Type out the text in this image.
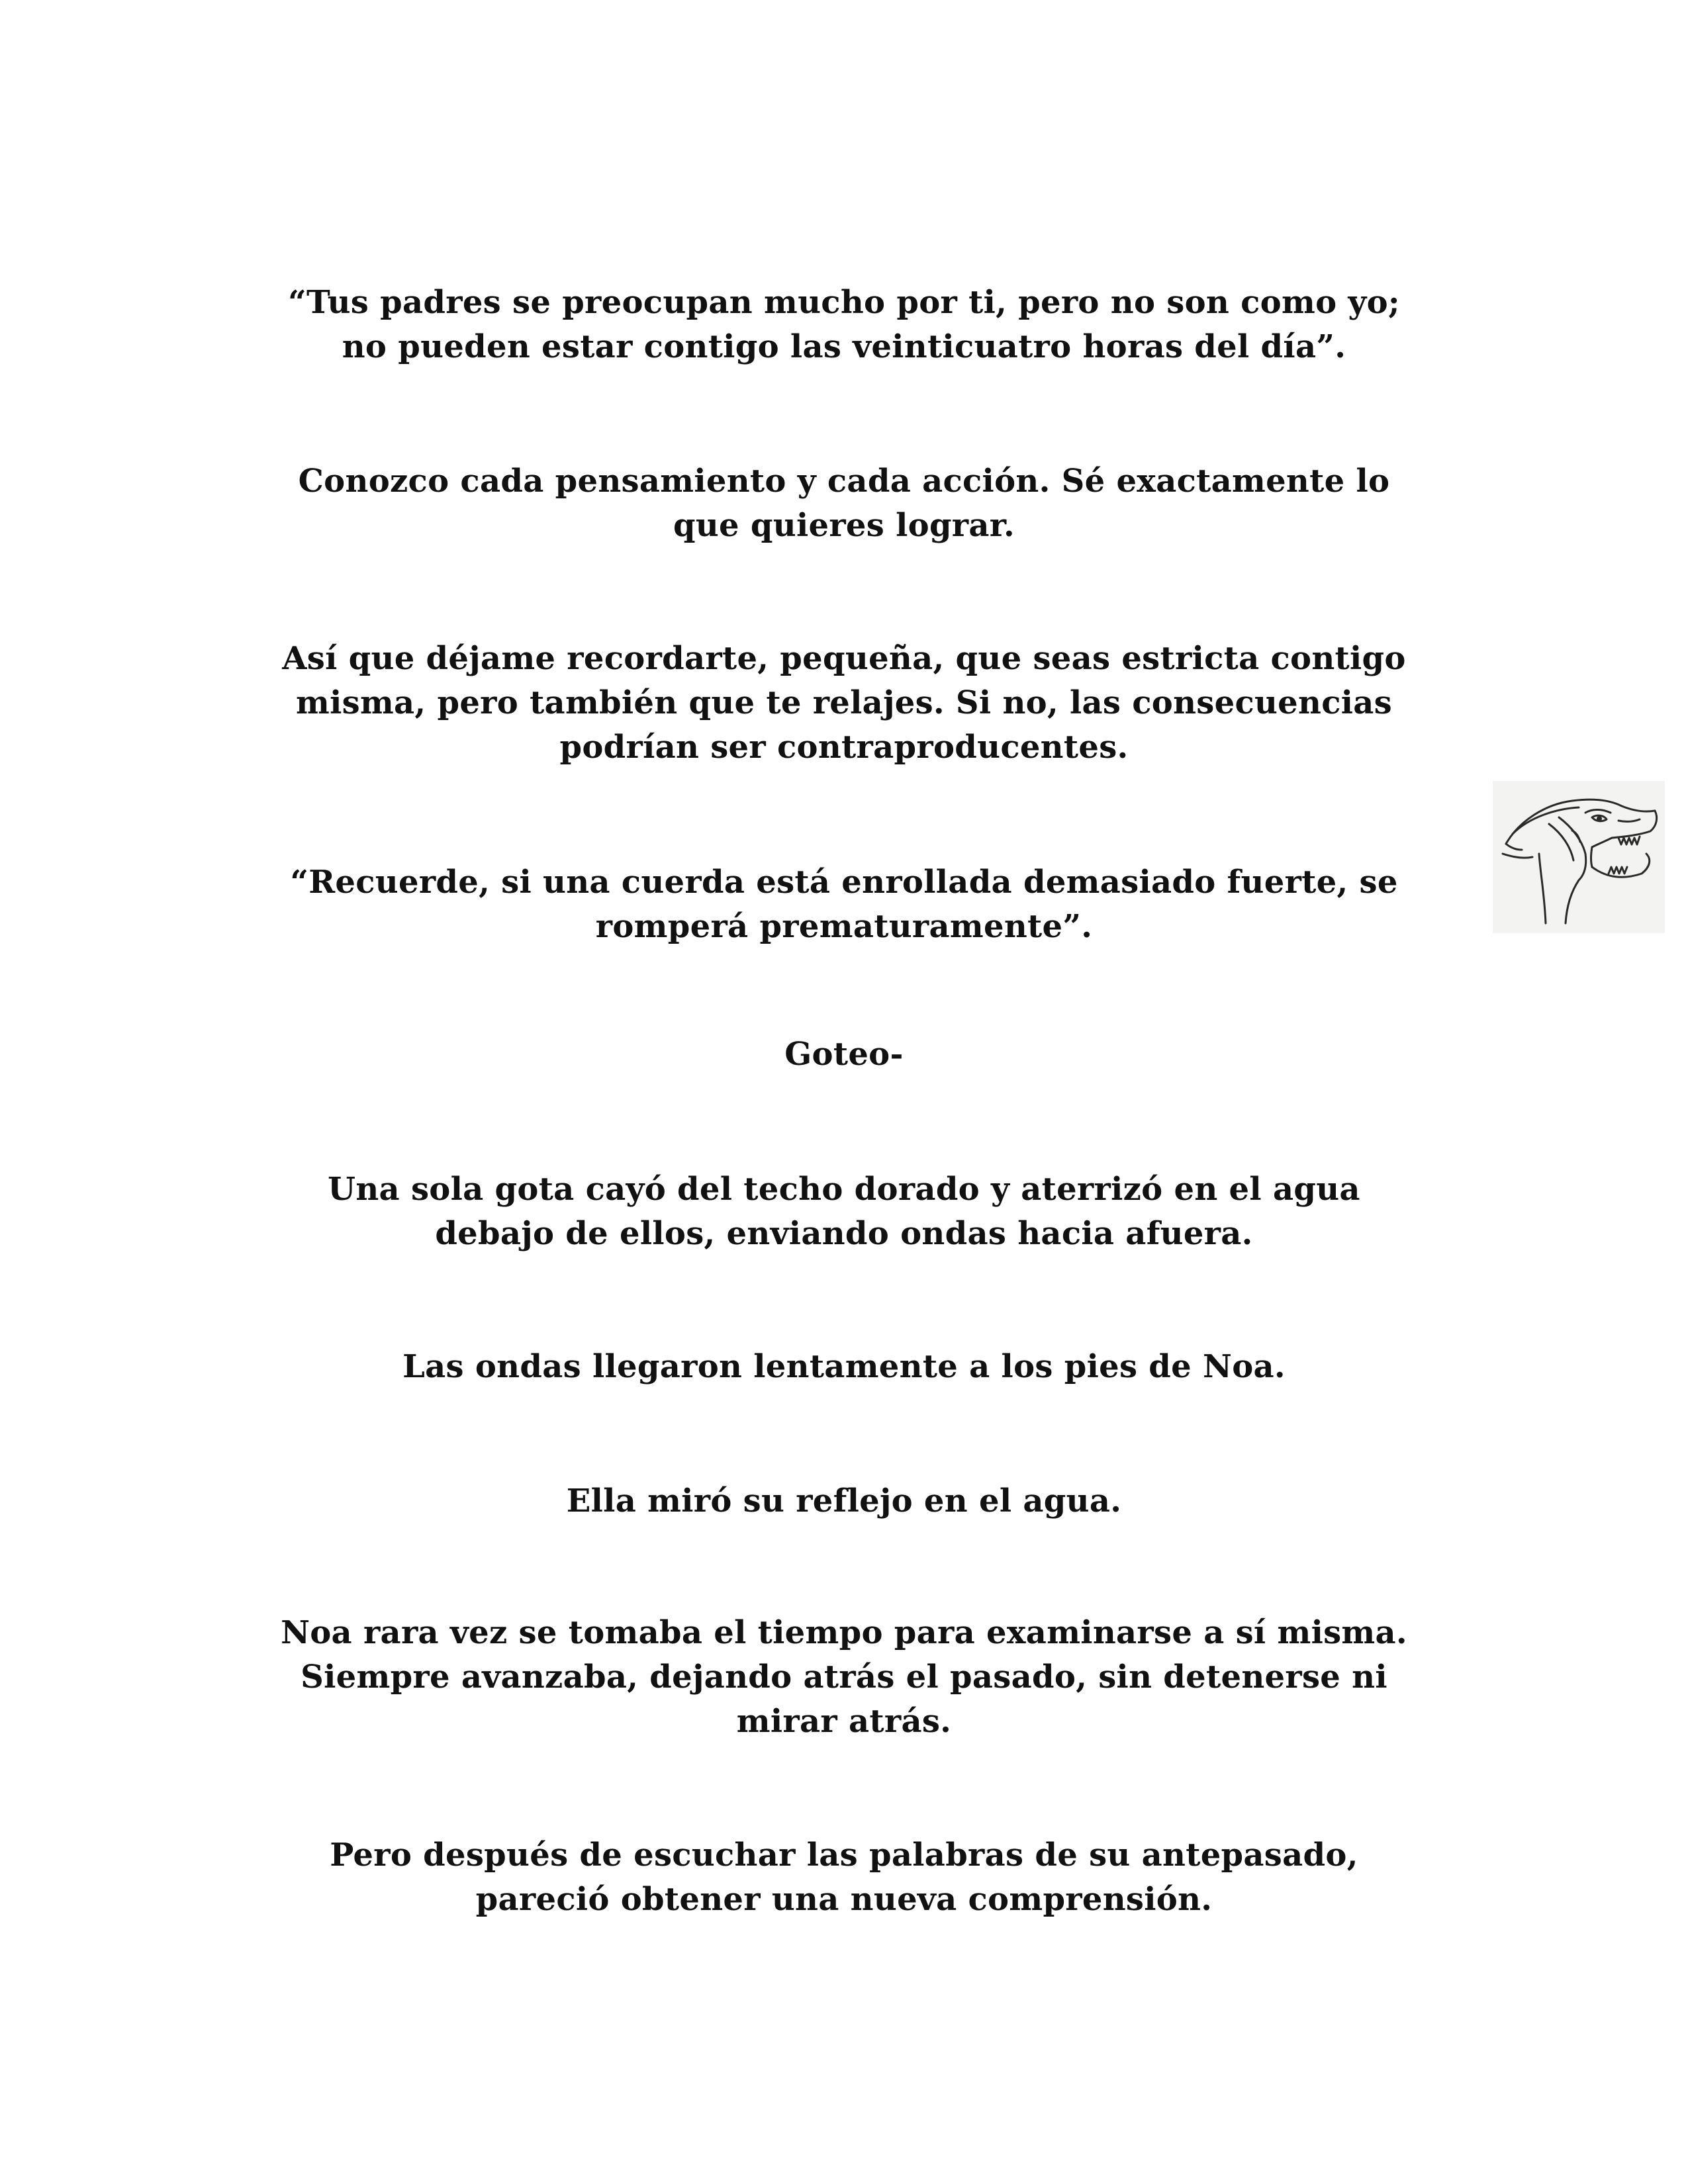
“Tus padres se preocupan mucho por ti, pero no son como yo;
no pueden estar contigo las veinticuatro horas del día”.

Conozco cada pensamiento y cada acción. Sé exactamente lo
que quieres lograr.

Así que déjame recordarte, pequeña, que seas estricta contigo
misma, pero también que te relajes. Si no, las consecuencias
podrían ser contraproducentes.

“Recuerde, si una cuerda está enrollada demasiado fuerte, se
romperá prematuramente”.

Goteo-

Una sola gota cayó del techo dorado y aterrizó en el agua
debajo de ellos, enviando ondas hacia afuera.

Las ondas llegaron lentamente a los pies de Noa.

Ella miró su reflejo en el agua.

Noa rara vez se tomaba el tiempo para examinarse a sí misma.
Siempre avanzaba, dejando atrás el pasado, sin detenerse ni
mirar atrás.

Pero después de escuchar las palabras de su antepasado,
pareció obtener una nueva comprensión.
